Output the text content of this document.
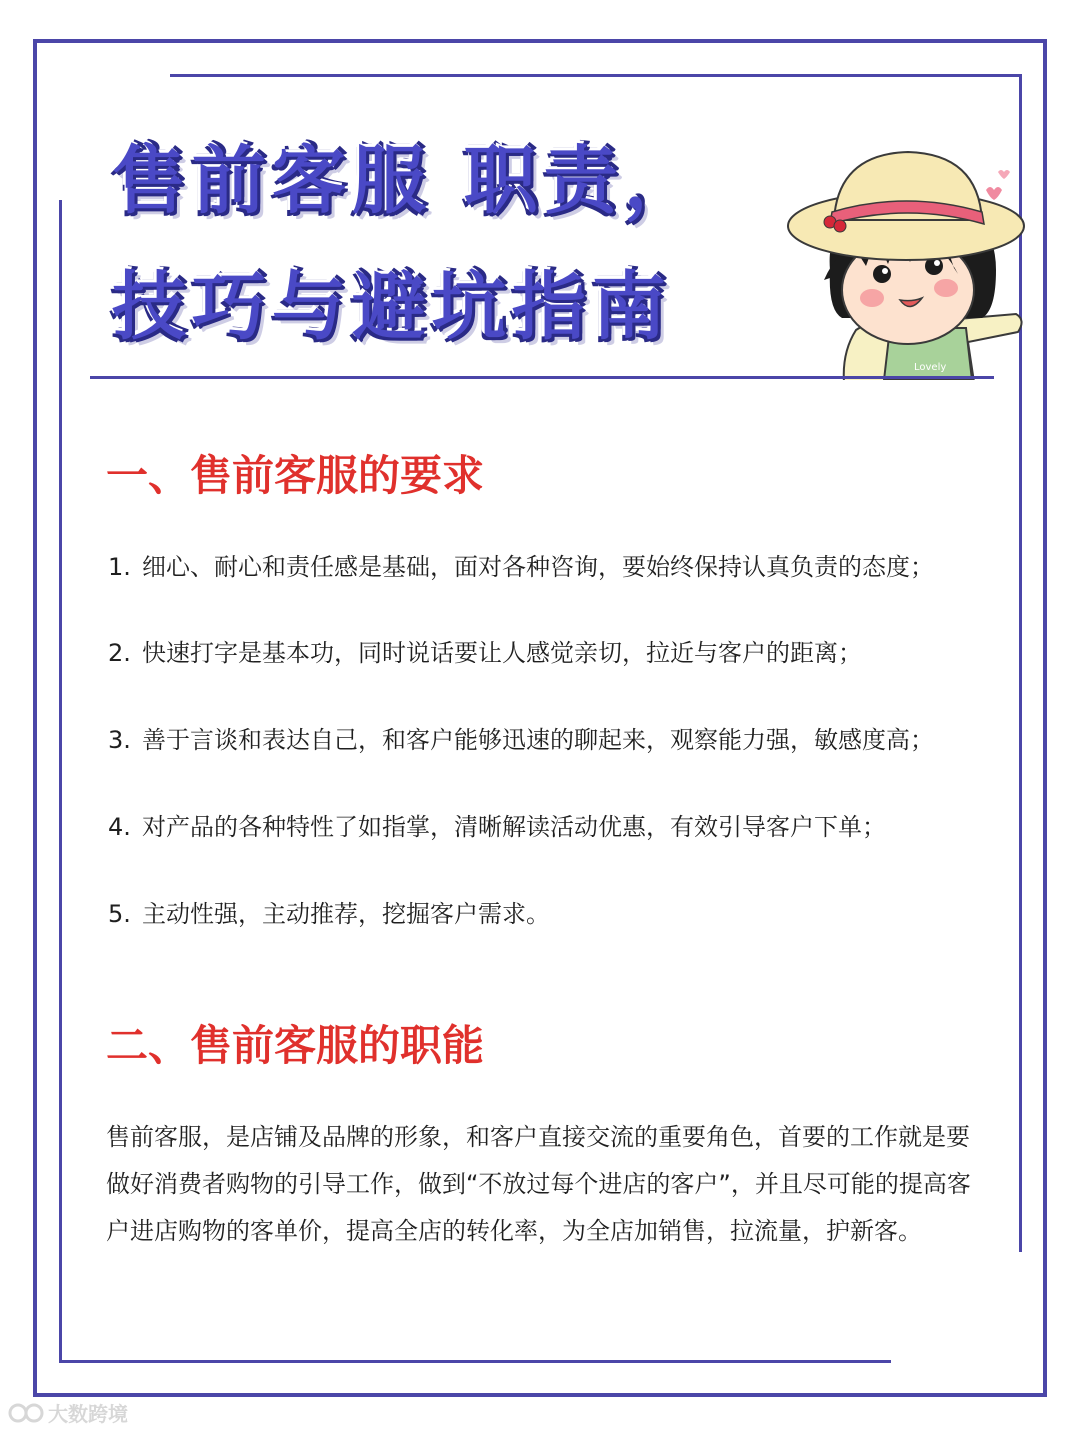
售前客服 职责，
技巧与避坑指南
Lovely
一、售前客服的要求
1. 细心、耐心和责任感是基础，面对各种咨询，要始终保持认真负责的态度；
2. 快速打字是基本功，同时说话要让人感觉亲切，拉近与客户的距离；
3. 善于言谈和表达自己，和客户能够迅速的聊起来，观察能力强，敏感度高；
4. 对产品的各种特性了如指掌，清晰解读活动优惠，有效引导客户下单；
5. 主动性强，主动推荐，挖掘客户需求。
二、售前客服的职能
售前客服，是店铺及品牌的形象，和客户直接交流的重要角色，首要的工作就是要做好消费者购物的引导工作，做到“不放过每个进店的客户”，并且尽可能的提高客户进店购物的客单价，提高全店的转化率，为全店加销售，拉流量，护新客。
大数跨境
